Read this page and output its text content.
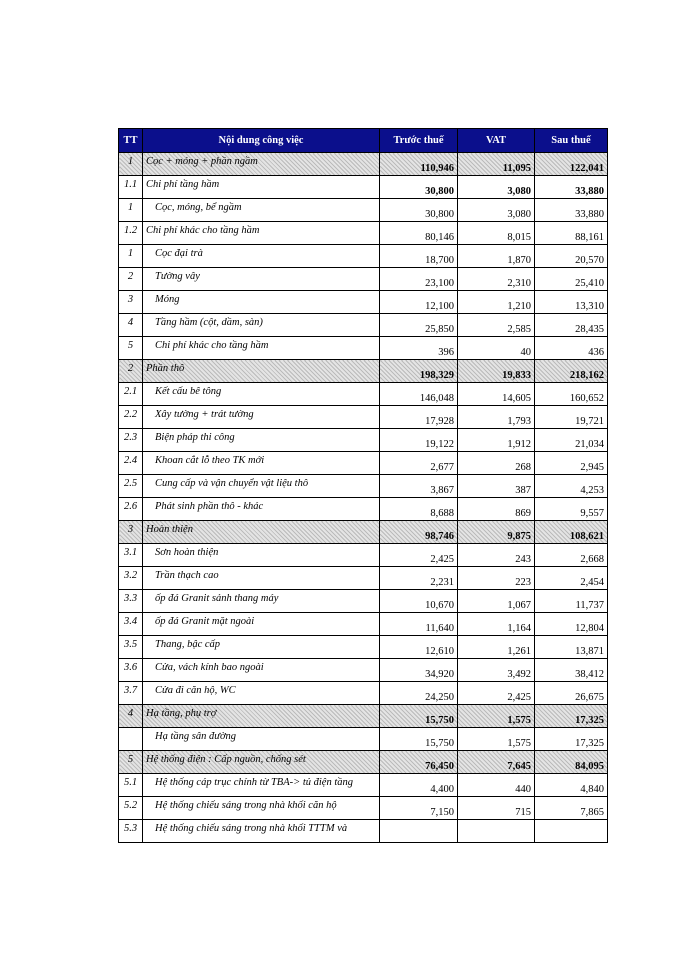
TT	Nội dung công việc	Trước thuế	VAT	Sau thuế
1	Cọc + móng + phần ngầm	110,946	11,095	122,041
1.1	Chi phí tầng hầm	30,800	3,080	33,880
1	Cọc, móng, bể ngầm	30,800	3,080	33,880
1.2	Chi phí khác cho tầng hầm	80,146	8,015	88,161
1	Cọc đại trà	18,700	1,870	20,570
2	Tường vây	23,100	2,310	25,410
3	Móng	12,100	1,210	13,310
4	Tầng hầm (cột, dầm, sàn)	25,850	2,585	28,435
5	Chi phí khác cho tầng hầm	396	40	436
2	Phần thô	198,329	19,833	218,162
2.1	Kết cấu bê tông	146,048	14,605	160,652
2.2	Xây tường + trát tường	17,928	1,793	19,721
2.3	Biện pháp thi công	19,122	1,912	21,034
2.4	Khoan cắt lỗ theo TK mới	2,677	268	2,945
2.5	Cung cấp và vận chuyển vật liệu thô	3,867	387	4,253
2.6	Phát sinh phần thô - khác	8,688	869	9,557
3	Hoàn thiện	98,746	9,875	108,621
3.1	Sơn hoàn thiện	2,425	243	2,668
3.2	Trần thạch cao	2,231	223	2,454
3.3	ốp đá Granit sảnh thang máy	10,670	1,067	11,737
3.4	ốp đá Granit mặt ngoài	11,640	1,164	12,804
3.5	Thang, bậc cấp	12,610	1,261	13,871
3.6	Cửa, vách kính bao ngoài	34,920	3,492	38,412
3.7	Cửa đi căn hộ, WC	24,250	2,425	26,675
4	Hạ tầng, phụ trợ	15,750	1,575	17,325
	Hạ tầng sân đường	15,750	1,575	17,325
5	Hệ thống điện : Cấp nguồn, chống sét	76,450	7,645	84,095
5.1	Hệ thống cáp trục chính từ TBA-> tủ điện tầng	4,400	440	4,840
5.2	Hệ thống chiếu sáng trong nhà khối căn hộ	7,150	715	7,865
5.3	Hệ thống chiếu sáng trong nhà khối TTTM và			
